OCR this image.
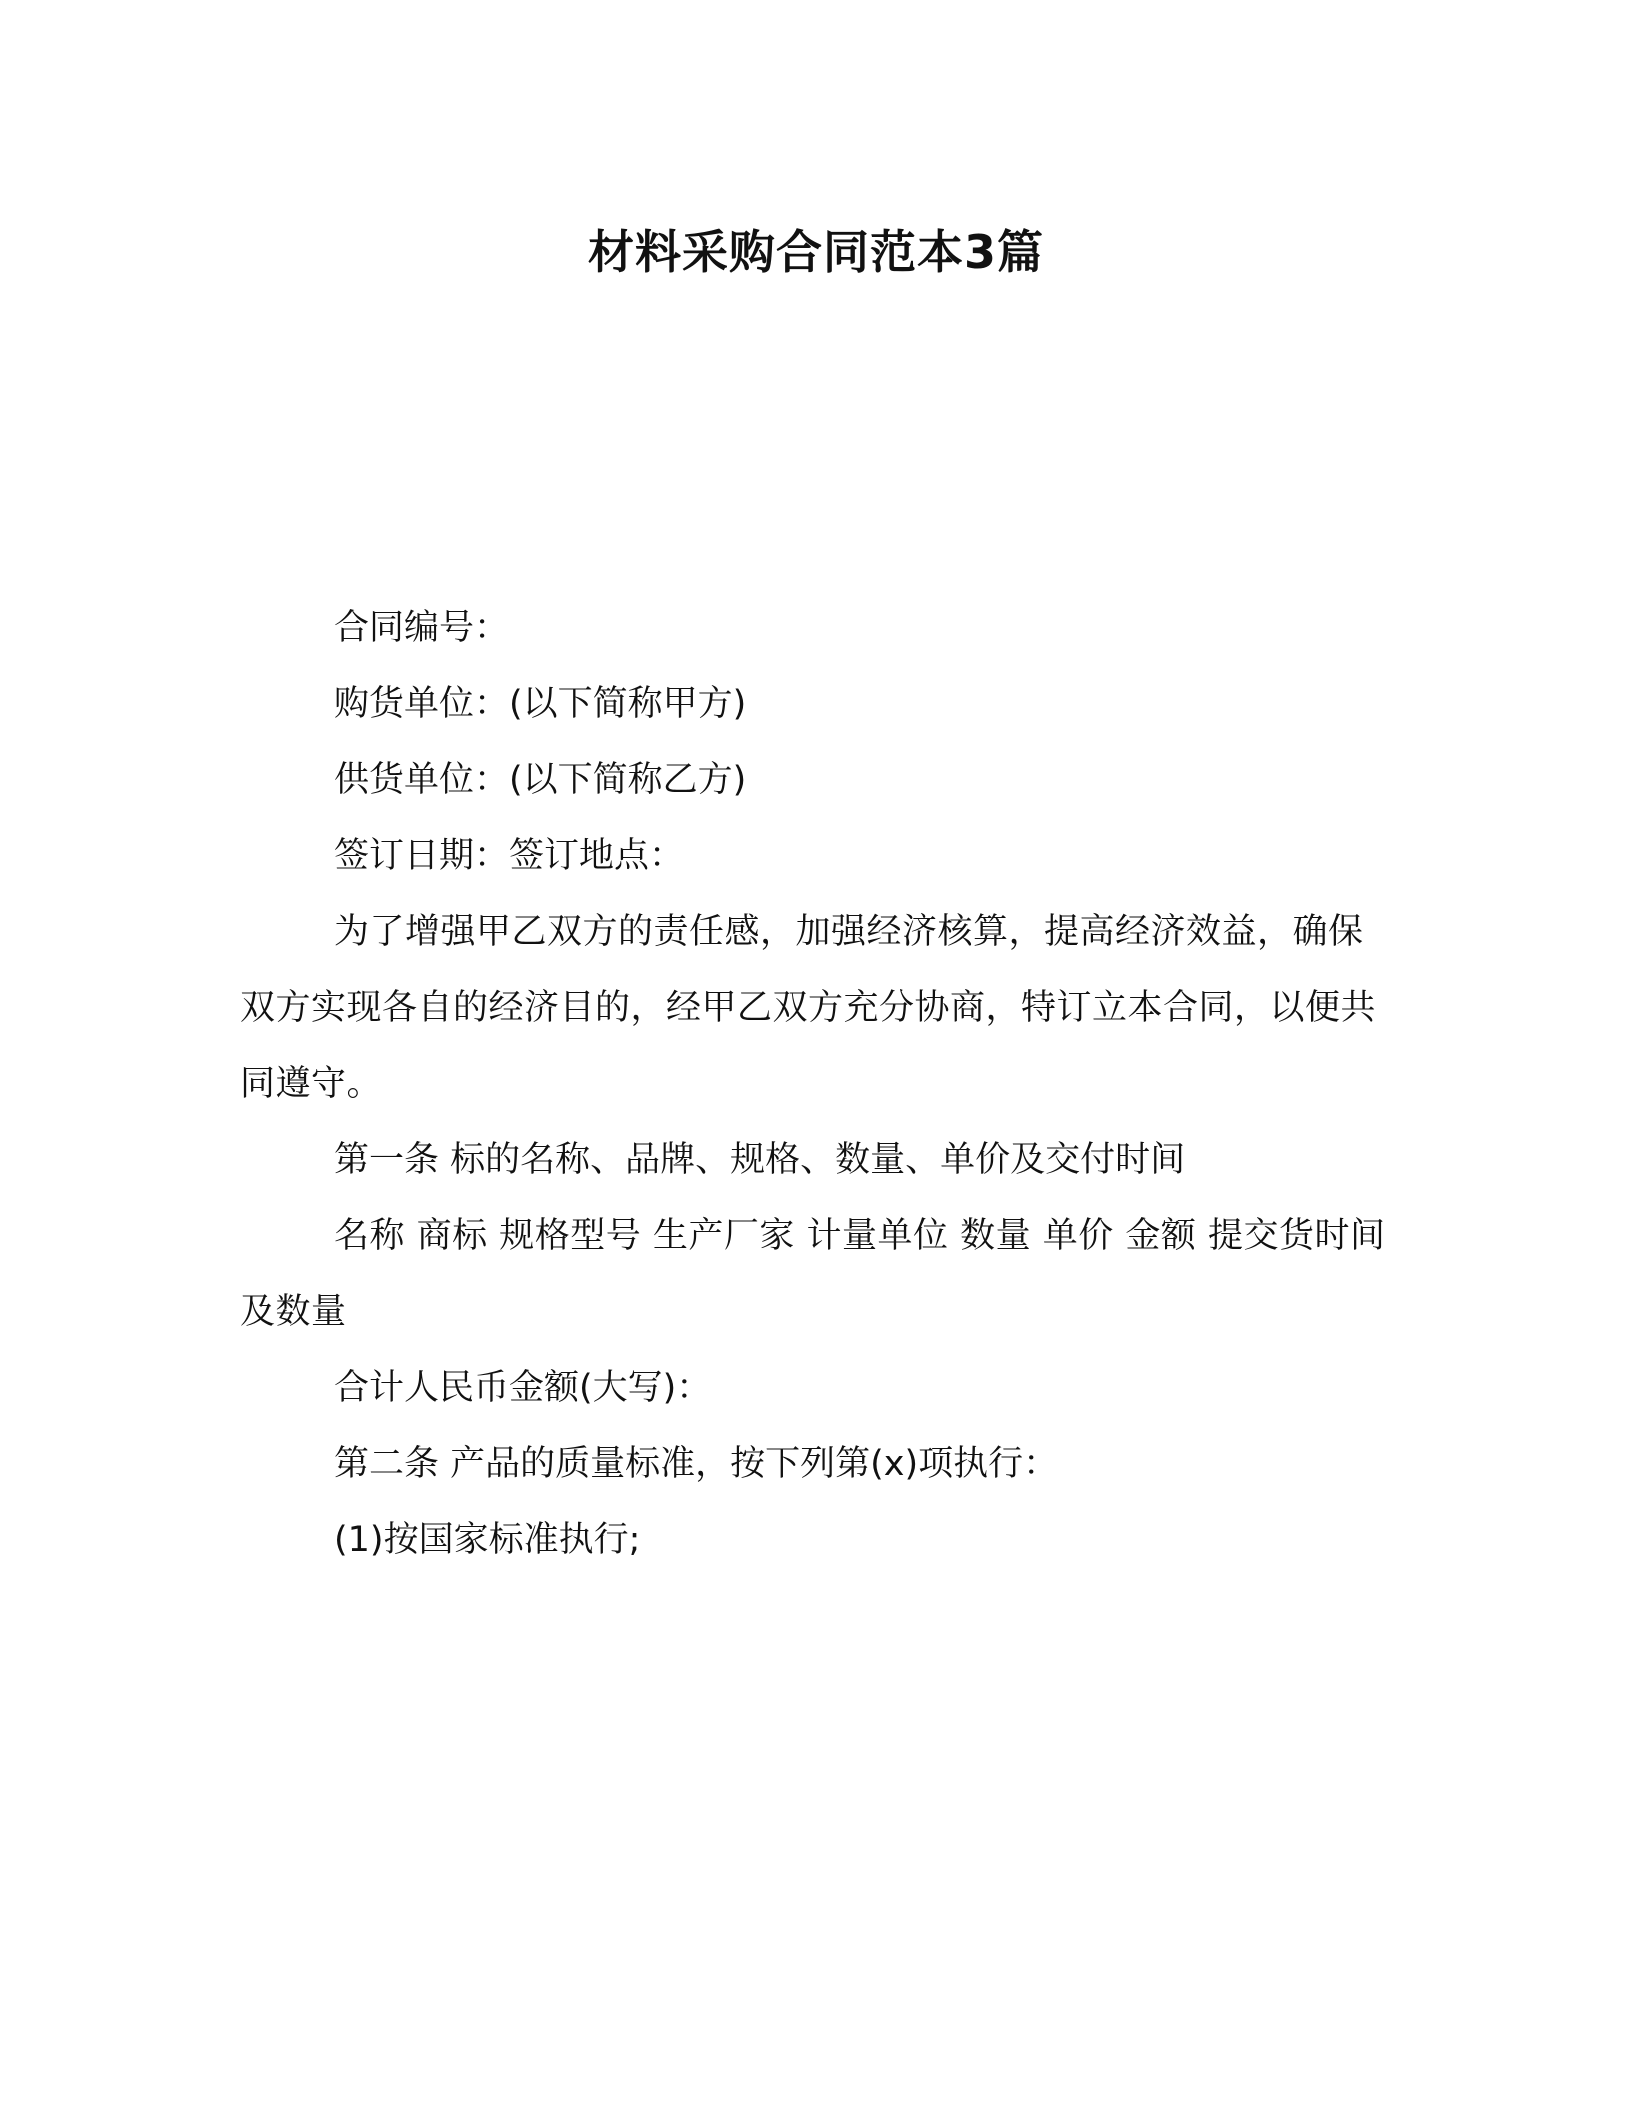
材料采购合同范本3篇

合同编号：

购货单位：(以下简称甲方)

供货单位：(以下简称乙方)

签订日期：签订地点：

为了增强甲乙双方的责任感，加强经济核算，提高经济效益，确保双方实现各自的经济目的，经甲乙双方充分协商，特订立本合同，以便共同遵守。

第一条 标的名称、品牌、规格、数量、单价及交付时间

名称 商标 规格型号 生产厂家 计量单位 数量 单价 金额 提交货时间及数量

合计人民币金额(大写)：

第二条 产品的质量标准，按下列第(x)项执行：

(1)按国家标准执行;
